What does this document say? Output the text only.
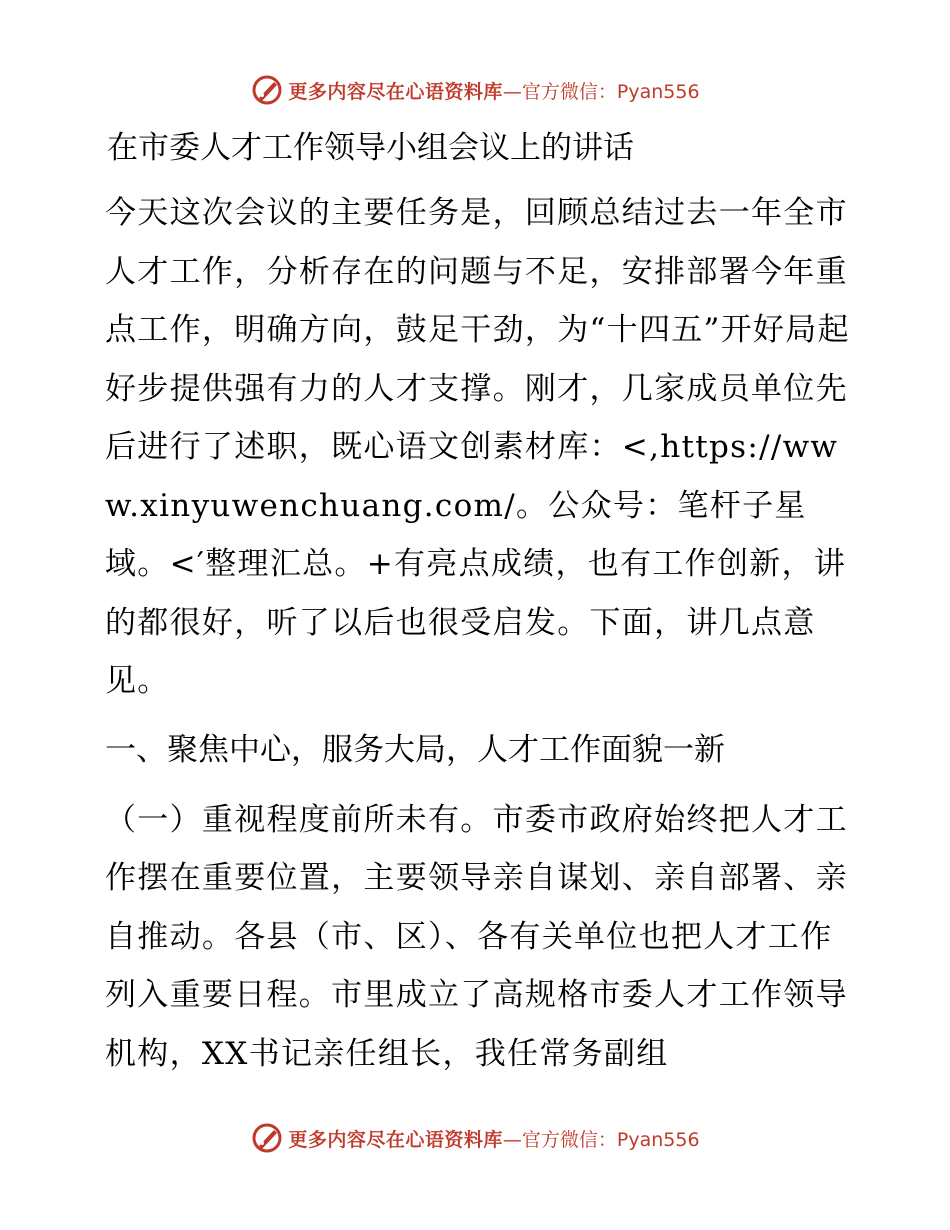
更多内容尽在心语资料库 —官方微信：Pyan556
在市委人才工作领导小组会议上的讲话
今天这次会议的主要任务是，回顾总结过去一年全市人才工作，分析存在的问题与不足，安排部署今年重点工作，明确方向，鼓足干劲，为“十四五”开好局起好步提供强有力的人才支撑。刚才，几家成员单位先后进行了述职，既心语文创素材库：<,https://www.xinyuwenchuang.com/。公众号：笔杆子星域。<′整理汇总。+有亮点成绩，也有工作创新，讲的都很好，听了以后也很受启发。下面，讲几点意见。
一、聚焦中心，服务大局，人才工作面貌一新
（一）重视程度前所未有。市委市政府始终把人才工作摆在重要位置，主要领导亲自谋划、亲自部署、亲自推动。各县（市、区）、各有关单位也把人才工作列入重要日程。市里成立了高规格市委人才工作领导机构，XX书记亲任组长，我任常务副组
更多内容尽在心语资料库 —官方微信：Pyan556
